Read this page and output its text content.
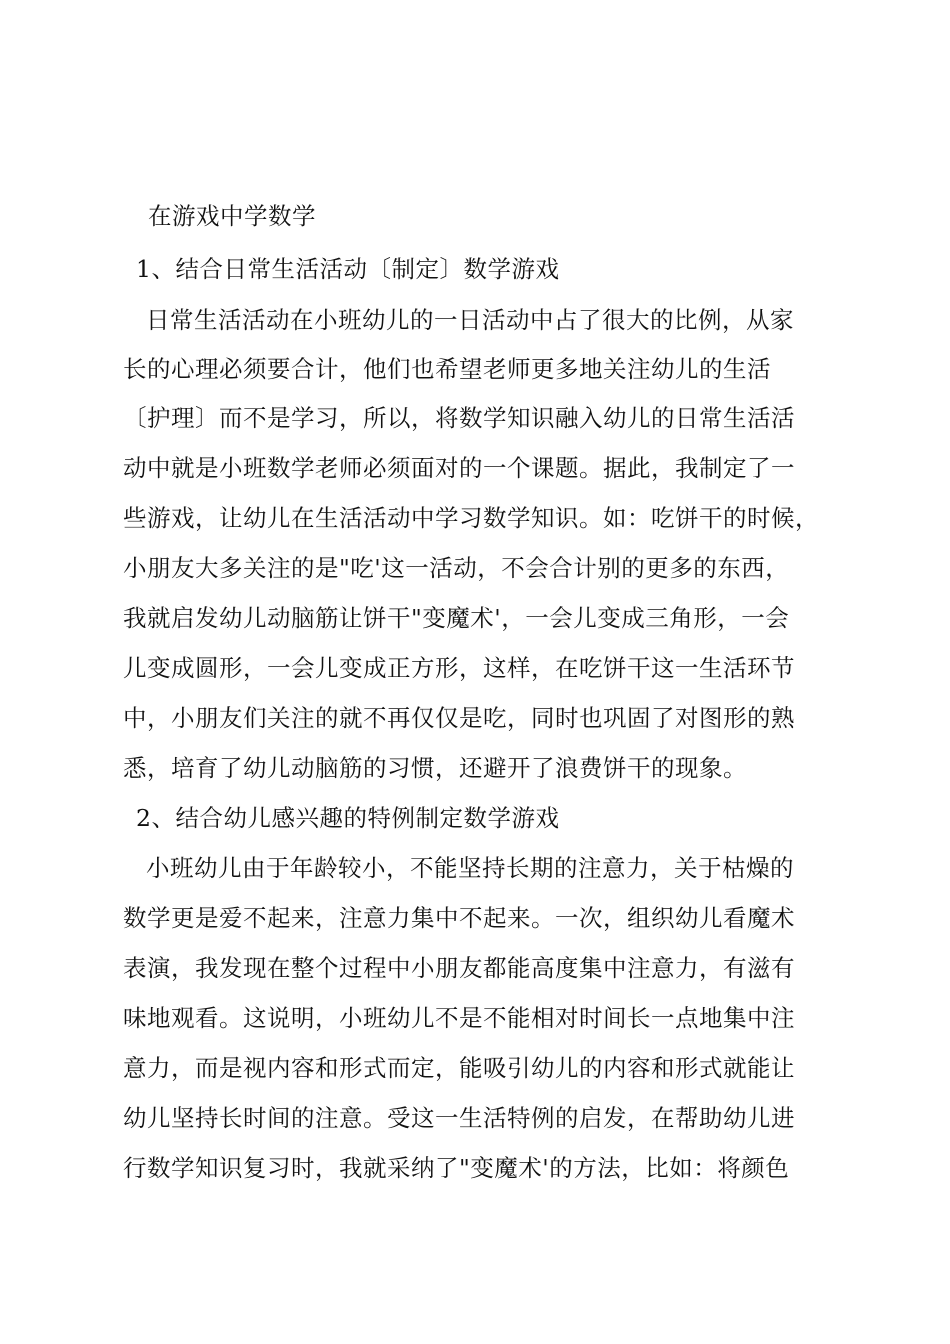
在游戏中学数学
1、结合日常生活活动〔制定〕数学游戏
日常生活活动在小班幼儿的一日活动中占了很大的比例，从家
长的心理必须要合计，他们也希望老师更多地关注幼儿的生活
〔护理〕而不是学习，所以，将数学知识融入幼儿的日常生活活
动中就是小班数学老师必须面对的一个课题。据此，我制定了一
些游戏，让幼儿在生活活动中学习数学知识。如：吃饼干的时候，
小朋友大多关注的是"吃'这一活动，不会合计别的更多的东西，
我就启发幼儿动脑筋让饼干"变魔术'，一会儿变成三角形，一会
儿变成圆形，一会儿变成正方形，这样，在吃饼干这一生活环节
中，小朋友们关注的就不再仅仅是吃，同时也巩固了对图形的熟
悉，培育了幼儿动脑筋的习惯，还避开了浪费饼干的现象。
2、结合幼儿感兴趣的特例制定数学游戏
小班幼儿由于年龄较小，不能坚持长期的注意力，关于枯燥的
数学更是爱不起来，注意力集中不起来。一次，组织幼儿看魔术
表演，我发现在整个过程中小朋友都能高度集中注意力，有滋有
味地观看。这说明，小班幼儿不是不能相对时间长一点地集中注
意力，而是视内容和形式而定，能吸引幼儿的内容和形式就能让
幼儿坚持长时间的注意。受这一生活特例的启发，在帮助幼儿进
行数学知识复习时，我就采纳了"变魔术'的方法，比如：将颜色
